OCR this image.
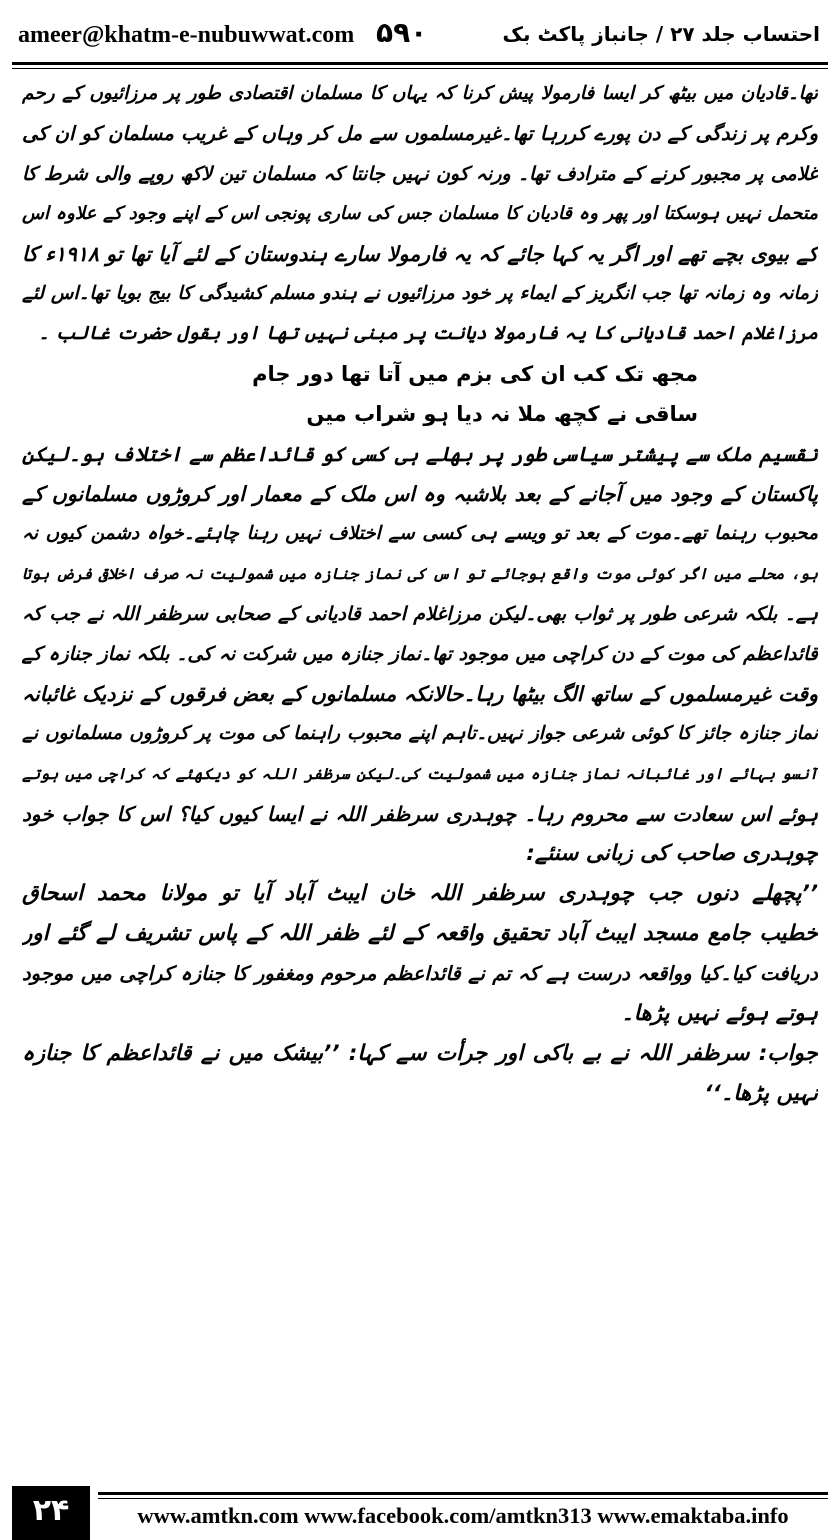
ameer@khatm-e-nubuwwat.com ۵۹۰	احتساب جلد ۲۷ / جانباز پاکٹ بک
تھا۔قادیان میں بیٹھ کر ایسا فارمولا پیش کرنا کہ یہاں کا مسلمان اقتصادی طور پر مرزائیوں کے رحم
وکرم پر زندگی کے دن پورے کررہا تھا۔غیرمسلموں سے مل کر وہاں کے غریب مسلمان کو ان کی
غلامی پر مجبور کرنے کے مترادف تھا۔ ورنہ کون نہیں جانتا کہ مسلمان تین لاکھ روپے والی شرط کا
متحمل نہیں ہوسکتا اور پھر وہ قادیان کا مسلمان جس کی ساری پونجی اس کے اپنے وجود کے علاوہ اس
کے بیوی بچے تھے اور اگر یہ کہا جائے کہ یہ فارمولا سارے ہندوستان کے لئے آیا تھا تو ۱۹۱۸ء کا
زمانہ وہ زمانہ تھا جب انگریز کے ایماء پر خود مرزائیوں نے ہندو مسلم کشیدگی کا بیج بویا تھا۔اس لئے
مرزاغلام احمد قادیانی کا یہ فارمولا دیانت پر مبنی نہیں تھا اور بقول حضرت غالب ۔
مجھ تک کب ان کی بزم میں آتا تھا دور جام
ساقی نے کچھ ملا نہ دیا ہو شراب میں
تقسیم ملک سے پیشتر سیاسی طور پر بھلے ہی کسی کو قائداعظم سے اختلاف ہو۔لیکن
پاکستان کے وجود میں آجانے کے بعد بلاشبہ وہ اس ملک کے معمار اور کروڑوں مسلمانوں کے
محبوب رہنما تھے۔موت کے بعد تو ویسے ہی کسی سے اختلاف نہیں رہنا چاہئے۔خواہ دشمن کیوں نہ
ہو، محلے میں اگر کوئی موت واقع ہوجائے تو اس کی نماز جنازہ میں شمولیت نہ صرف اخلاقی فرض ہوتا
ہے۔ بلکہ شرعی طور پر ثواب بھی۔لیکن مرزاغلام احمد قادیانی کے صحابی سرظفر اللہ نے جب کہ
قائداعظم کی موت کے دن کراچی میں موجود تھا۔نماز جنازہ میں شرکت نہ کی۔ بلکہ نماز جنازہ کے
وقت غیرمسلموں کے ساتھ الگ بیٹھا رہا۔حالانکہ مسلمانوں کے بعض فرقوں کے نزدیک غائبانہ
نماز جنازہ جائز کا کوئی شرعی جواز نہیں۔تاہم اپنے محبوب راہنما کی موت پر کروڑوں مسلمانوں نے
آنسو بہائے اور غائبانہ نماز جنازہ میں شمولیت کی۔لیکن سرظفر اللہ کو دیکھئے کہ کراچی میں ہوتے
ہوئے اس سعادت سے محروم رہا۔ چوہدری سرظفر اللہ نے ایسا کیوں کیا؟ اس کا جواب خود
چوہدری صاحب کی زبانی سنئے:
’’پچھلے دنوں جب چوہدری سرظفر اللہ خان ایبٹ آباد آیا تو مولانا محمد اسحاق
خطیب جامع مسجد ایبٹ آباد تحقیق واقعہ کے لئے ظفر اللہ کے پاس تشریف لے گئے اور
دریافت کیا۔کیا وواقعہ درست ہے کہ تم نے قائداعظم مرحوم ومغفور کا جنازہ کراچی میں موجود
ہوتے ہوئے نہیں پڑھا۔
جواب: سرظفر اللہ نے بے باکی اور جرأت سے کہا: ’’بیشک میں نے قائداعظم کا جنازہ
نہیں پڑھا۔‘‘
۲۴	www.amtkn.com www.facebook.com/amtkn313 www.emaktaba.info
